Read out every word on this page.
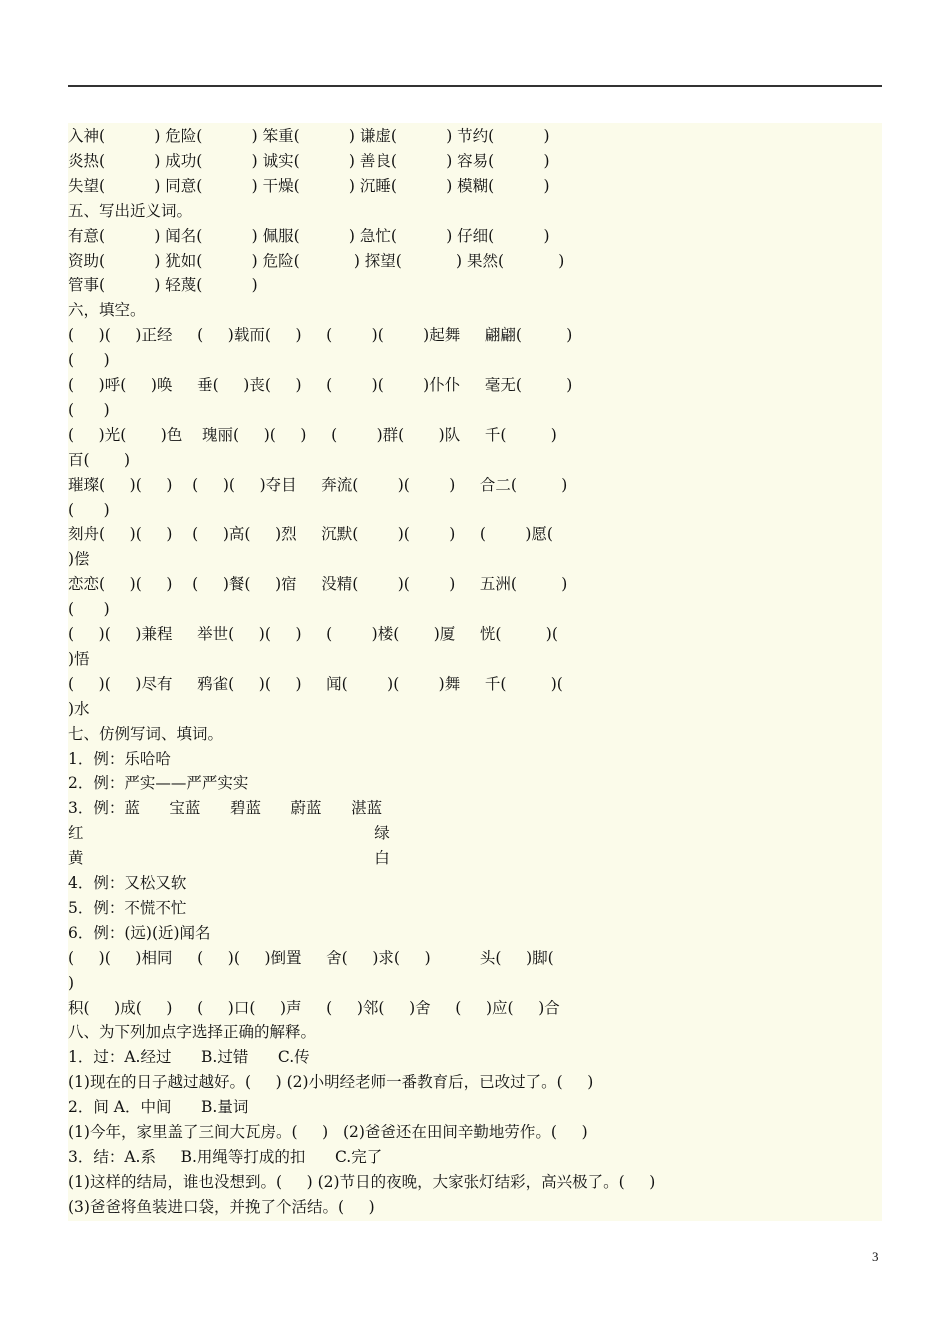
入神(          ) 危险(          ) 笨重(          ) 谦虚(          ) 节约(          )
炎热(          ) 成功(          ) 诚实(          ) 善良(          ) 容易(          )
失望(          ) 同意(          ) 干燥(          ) 沉睡(          ) 模糊(          )
五、写出近义词。
有意(          ) 闻名(          ) 佩服(          ) 急忙(          ) 仔细(          )
资助(          ) 犹如(          ) 危险(           ) 探望(           ) 果然(           )
管事(          ) 轻蔑(          )
六，填空。
(     )(     )正经     (     )载而(     )     (        )(        )起舞     翩翩(         )
(      )
(     )呼(     )唤     垂(     )丧(     )     (        )(        )仆仆     毫无(         )
(      )
(     )光(       )色    瑰丽(     )(     )     (        )群(       )队     千(         )
百(       )
璀璨(     )(     )    (     )(     )夺目     奔流(        )(        )     合二(         )
(      )
刻舟(     )(     )    (     )高(     )烈     沉默(        )(        )     (        )愿(
)偿
恋恋(     )(     )    (     )餐(     )宿     没精(        )(        )     五洲(         )
(      )
(     )(     )兼程     举世(     )(     )     (        )楼(       )厦     恍(         )(
)悟
(     )(     )尽有     鸦雀(     )(     )     闻(        )(        )舞     千(         )(
)水
七、仿例写词、填词。
1．例：乐哈哈
2．例：严实——严严实实
3．例：蓝      宝蓝      碧蓝      蔚蓝      湛蓝
红                                                           绿
黄                                                           白
4．例：又松又软
5．例：不慌不忙
6．例：(远)(近)闻名
(     )(     )相同     (     )(     )倒置     舍(     )求(     )          头(     )脚(
)
积(     )成(     )     (     )口(     )声     (     )邻(     )舍     (     )应(     )合
八、为下列加点字选择正确的解释。
1．过：A.经过      B.过错      C.传
(1)现在的日子越过越好。(     ) (2)小明经老师一番教育后，已改过了。(     )
2．间 A．中间      B.量词
(1)今年，家里盖了三间大瓦房。(     )   (2)爸爸还在田间辛勤地劳作。(     )
3．结：A.系     B.用绳等打成的扣      C.完了
(1)这样的结局，谁也没想到。(     ) (2)节日的夜晚，大家张灯结彩，高兴极了。(     )
(3)爸爸将鱼装进口袋，并挽了个活结。(     )
3
